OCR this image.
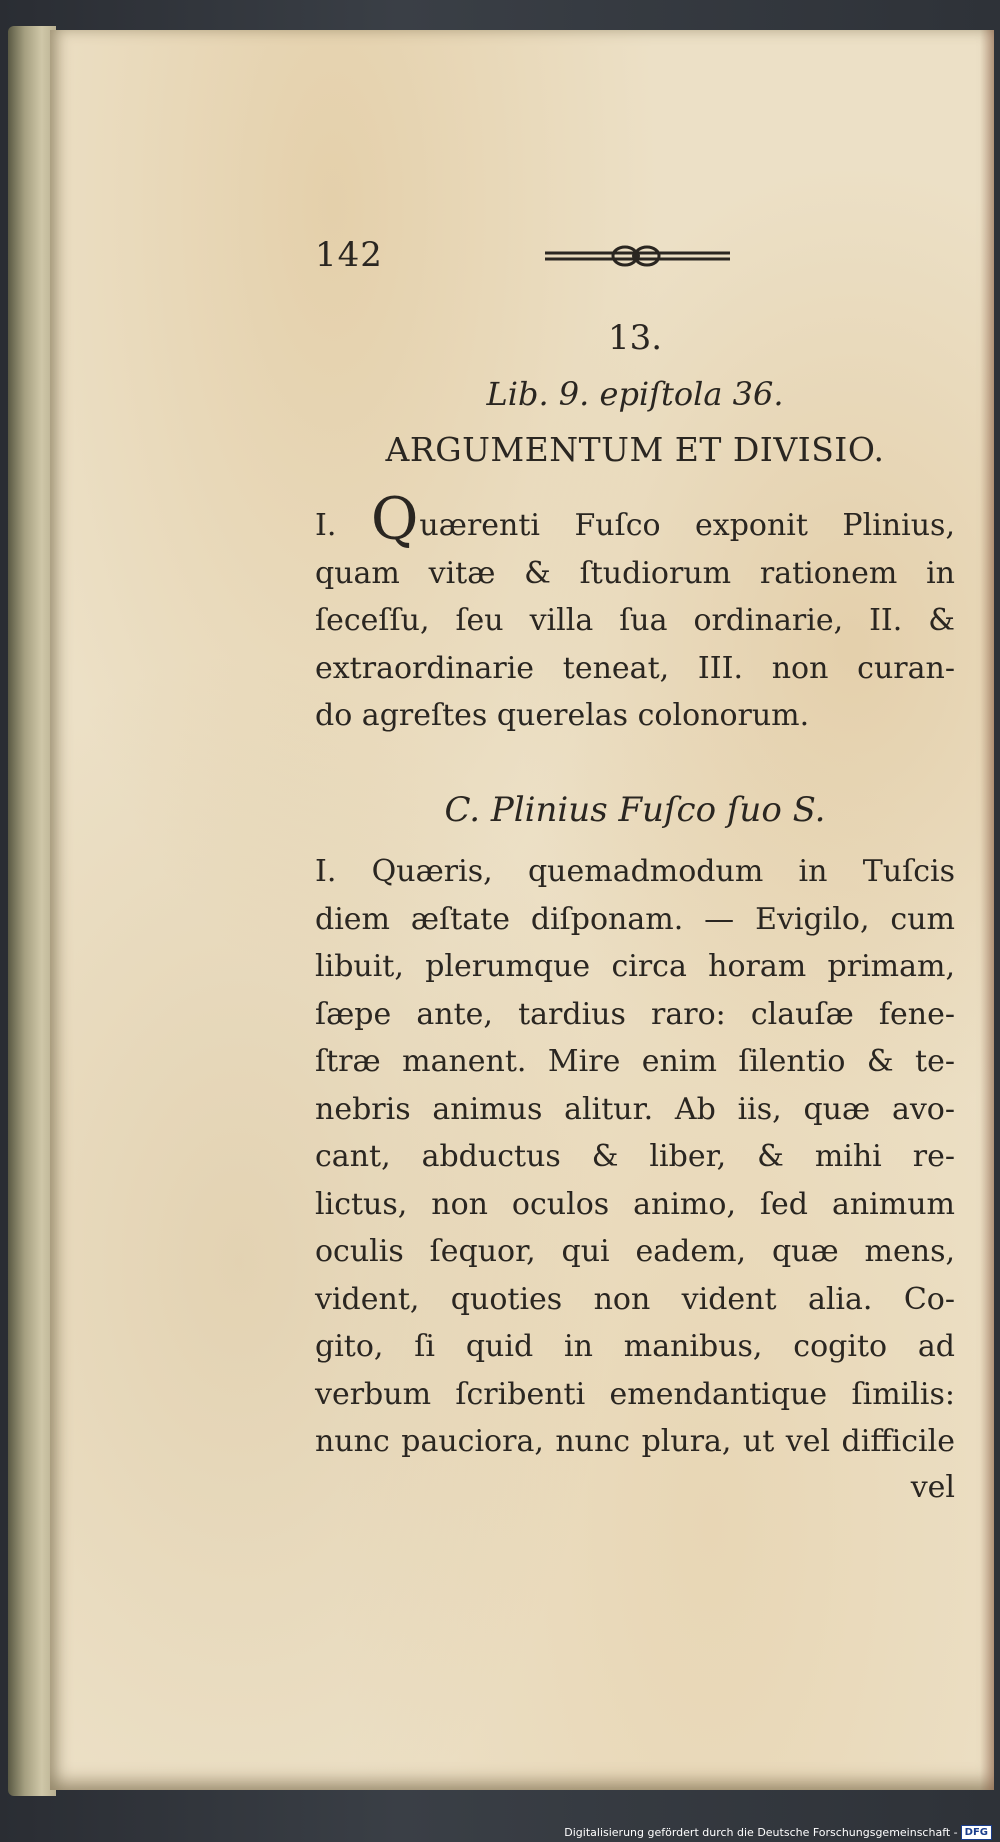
142
13.
Lib. 9. epiſtola 36.
ARGUMENTUM ET DIVISIO.
I. Quærenti Fuſco exponit Plinius,
quam vitæ & ſtudiorum rationem in
ſeceſſu, ſeu villa ſua ordinarie, II. &
extraordinarie teneat, III. non curan-
do agreſtes querelas colonorum.
C. Plinius Fuſco ſuo S.
I. Quæris, quemadmodum in Tuſcis
diem æſtate diſponam. — Evigilo, cum
libuit, plerumque circa horam primam,
ſæpe ante, tardius raro: clauſæ fene-
ſtræ manent. Mire enim ſilentio & te-
nebris animus alitur. Ab iis, quæ avo-
cant, abductus & liber, & mihi re-
lictus, non oculos animo, ſed animum
oculis ſequor, qui eadem, quæ mens,
vident, quoties non vident alia. Co-
gito, ſi quid in manibus, cogito ad
verbum ſcribenti emendantique ſimilis:
nunc pauciora, nunc plura, ut vel difficile
vel
Digitalisierung gefördert durch die Deutsche Forschungsgemeinschaft - DFG
